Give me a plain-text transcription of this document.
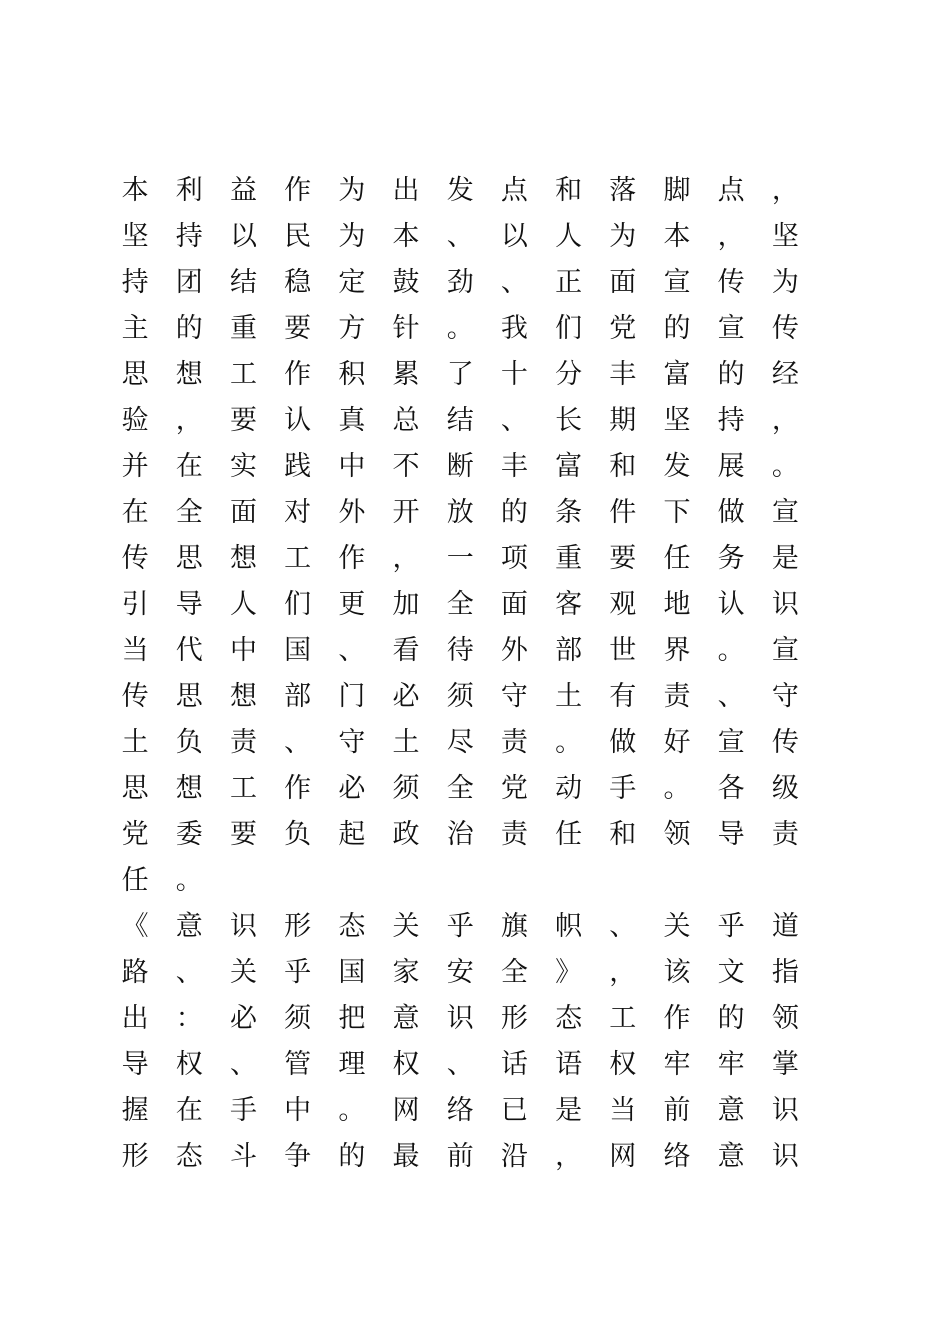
本	利	益	作	为	出	发	点	和	落	脚	点	，
坚	持	以	民	为	本	、	以	人	为	本	，	坚
持	团	结	稳	定	鼓	劲	、	正	面	宣	传	为
主	的	重	要	方	针	。	我	们	党	的	宣	传
思	想	工	作	积	累	了	十	分	丰	富	的	经
验	，	要	认	真	总	结	、	长	期	坚	持	，
并	在	实	践	中	不	断	丰	富	和	发	展	。
在	全	面	对	外	开	放	的	条	件	下	做	宣
传	思	想	工	作	，	一	项	重	要	任	务	是
引	导	人	们	更	加	全	面	客	观	地	认	识
当	代	中	国	、	看	待	外	部	世	界	。	宣
传	思	想	部	门	必	须	守	土	有	责	、	守
土	负	责	、	守	土	尽	责	。	做	好	宣	传
思	想	工	作	必	须	全	党	动	手	。	各	级
党	委	要	负	起	政	治	责	任	和	领	导	责
任	。
《	意	识	形	态	关	乎	旗	帜	、	关	乎	道
路	、	关	乎	国	家	安	全	》	，	该	文	指
出	：	必	须	把	意	识	形	态	工	作	的	领
导	权	、	管	理	权	、	话	语	权	牢	牢	掌
握	在	手	中	。	网	络	已	是	当	前	意	识
形	态	斗	争	的	最	前	沿	，	网	络	意	识
